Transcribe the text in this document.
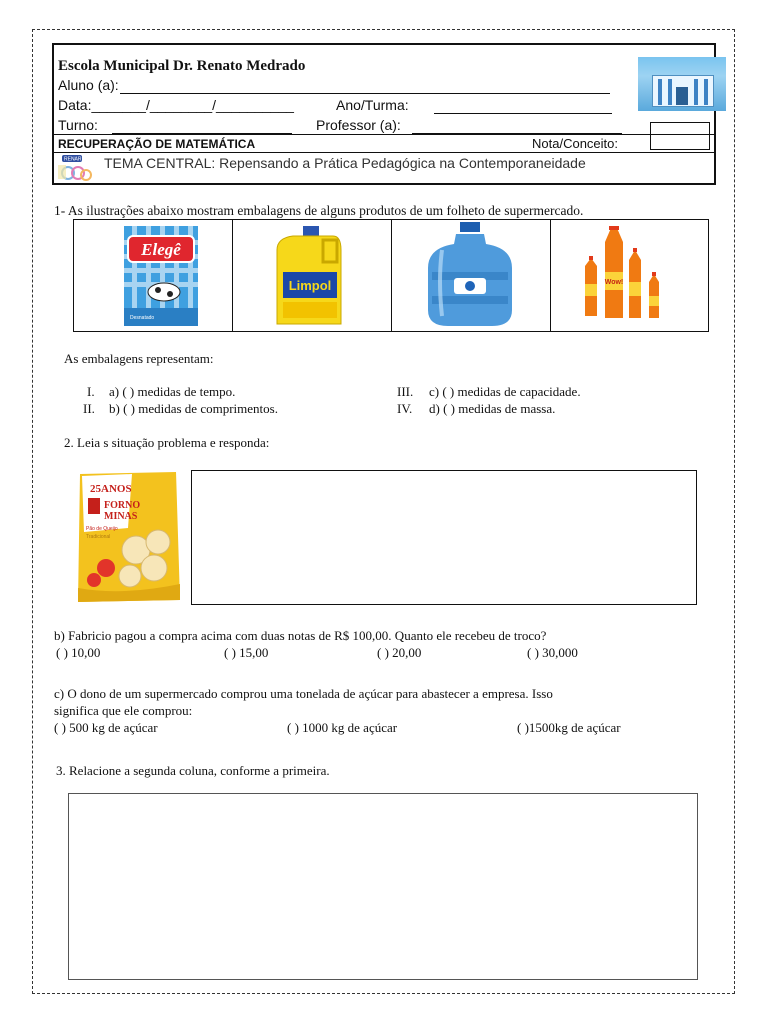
Escola Municipal Dr. Renato Medrado
Aluno (a):
Data:_______/________/__________	Ano/Turma:
Turno:	Professor (a):
RECUPERAÇÃO DE MATEMÁTICA	Nota/Conceito:
RENAR TEMA CENTRAL: Repensando a Prática Pedagógica na Contemporaneidade
1- As ilustrações abaixo mostram embalagens de alguns produtos de um folheto de supermercado.
Elegê
Desnatado
Limpol	Wow!
As embalagens representam:
I. a) ( ) medidas de tempo.
II. b) ( ) medidas de comprimentos.
III. c) ( ) medidas de capacidade.
IV. d) ( ) medidas de massa.
2. Leia s situação problema e responda:
25ANOS
FORNO
MINAS
Pão de Queijo
Tradicional
b) Fabricio pagou a compra acima com duas notas de R$ 100,00. Quanto ele recebeu de troco?
( ) 10,00	( ) 15,00	( ) 20,00	( ) 30,000
c) O dono de um supermercado comprou uma tonelada de açúcar para abastecer a empresa. Isso
significa que ele comprou:
( ) 500 kg de açúcar	( ) 1000 kg de açúcar	( )1500kg de açúcar
3. Relacione a segunda coluna, conforme a primeira.
